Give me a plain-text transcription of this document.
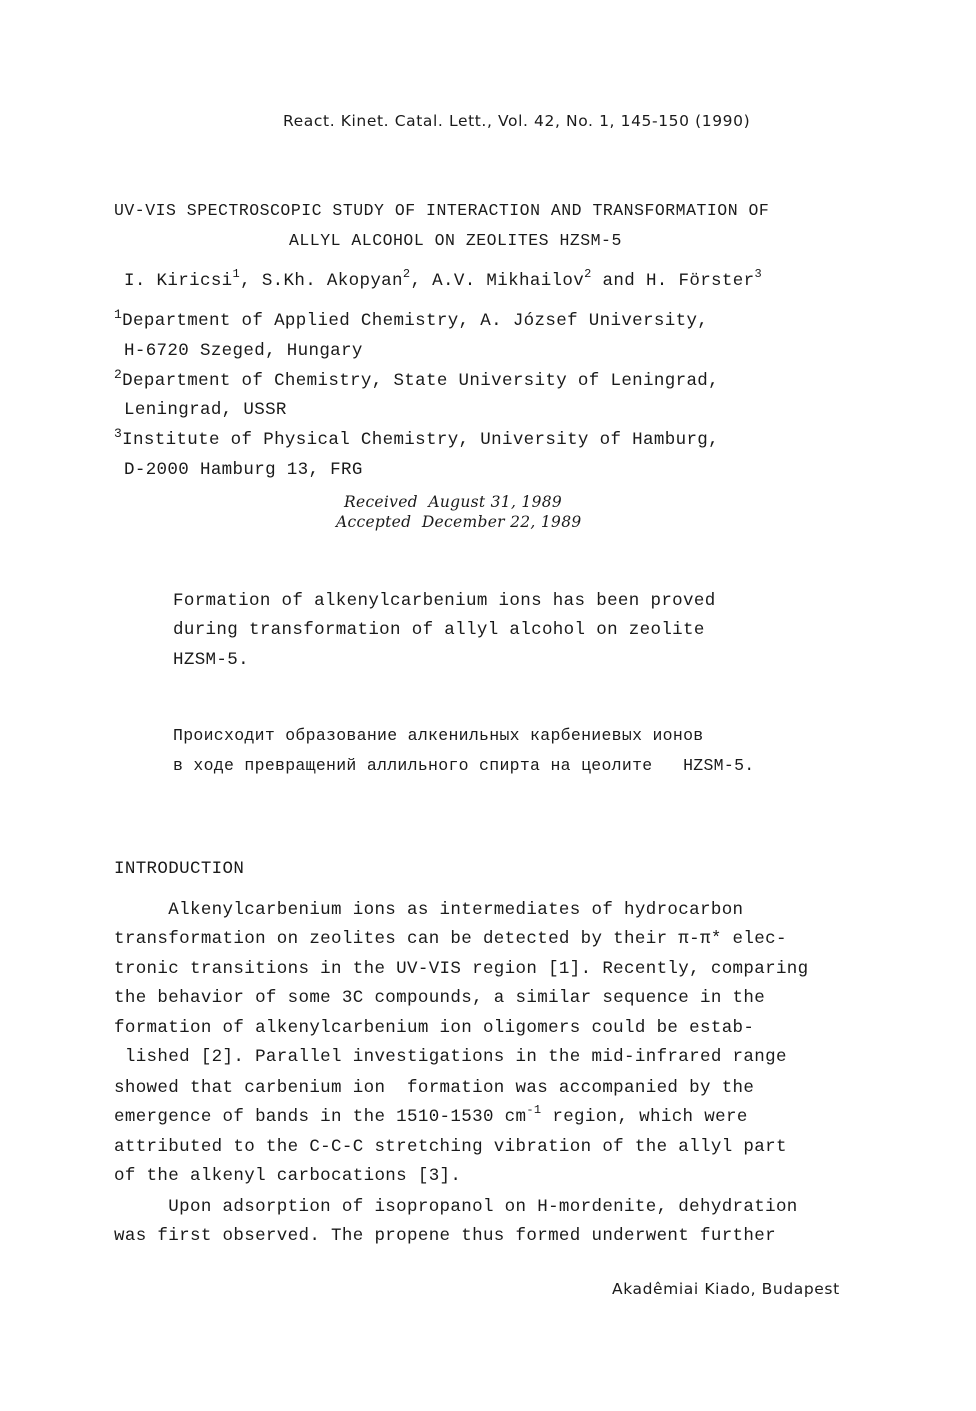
React. Kinet. Catal. Lett., Vol. 42, No. 1, 145-150 (1990)
UV-VIS SPECTROSCOPIC STUDY OF INTERACTION AND TRANSFORMATION OF
ALLYL ALCOHOL ON ZEOLITES HZSM-5
I. Kiricsi$^1$, S.Kh. Akopyan$^2$, A.V. Mikhailov$^2$ and H. Förster$^3$
$^1$Department of Applied Chemistry, A. József University,
H-6720 Szeged, Hungary
$^2$Department of Chemistry, State University of Leningrad,
Leningrad, USSR
$^3$Institute of Physical Chemistry, University of Hamburg,
D-2000 Hamburg 13, FRG
Received  August 31, 1989
Accepted  December 22, 1989
Formation of alkenylcarbenium ions has been proved
during transformation of allyl alcohol on zeolite
HZSM-5.
Происходит образование алкенильных карбениевых ионов
в ходе превращений аллильного спирта на цеолите   HZSM-5.
INTRODUCTION
Alkenylcarbenium ions as intermediates of hydrocarbon
transformation on zeolites can be detected by their π-π* elec-
tronic transitions in the UV-VIS region [1]. Recently, comparing
the behavior of some 3C compounds, a similar sequence in the
formation of alkenylcarbenium ion oligomers could be estab-
lished [2]. Parallel investigations in the mid-infrared range
showed that carbenium ion  formation was accompanied by the
emergence of bands in the 1510-1530 $cm^{-1}$ region, which were
attributed to the C-C-C stretching vibration of the allyl part
of the alkenyl carbocations [3].
Upon adsorption of isopropanol on H-mordenite, dehydration
was first observed. The propene thus formed underwent further
Akadêmiai Kiado, Budapest
